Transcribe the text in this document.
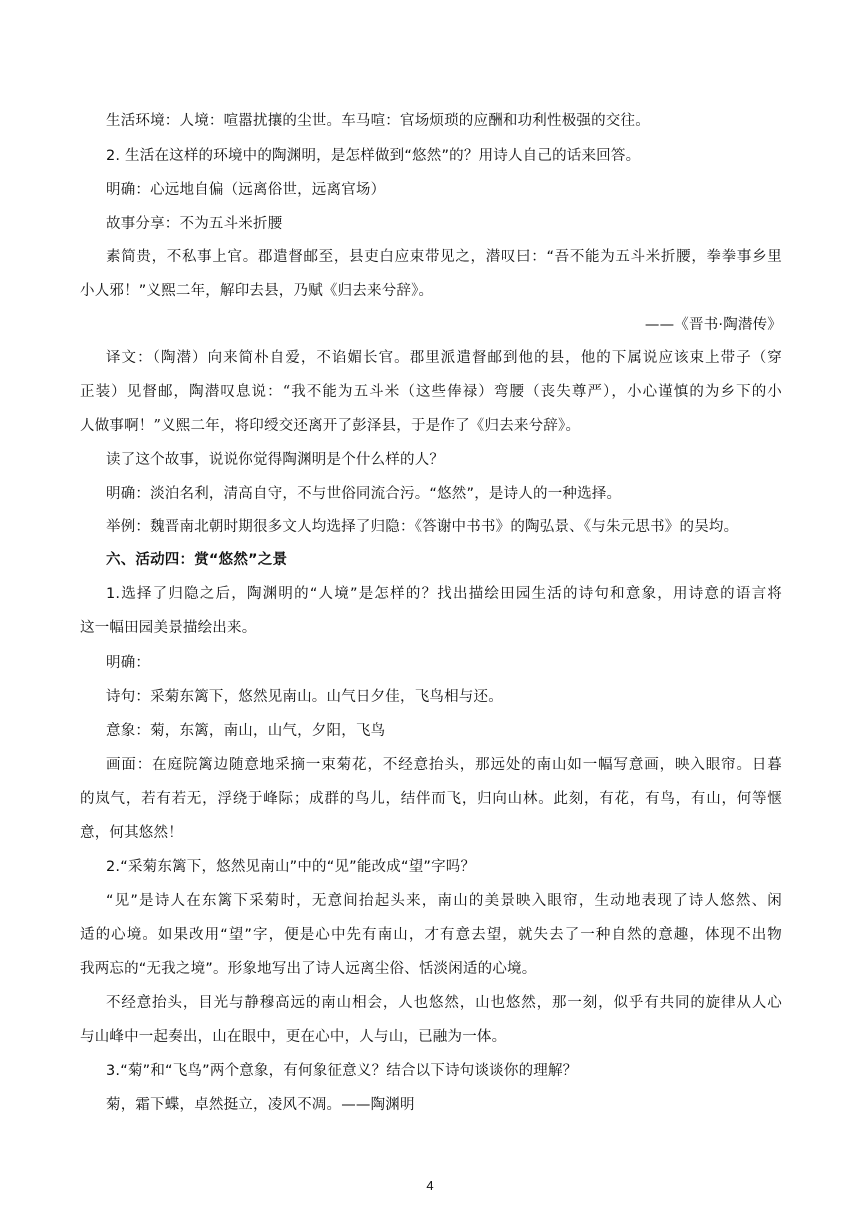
生活环境：人境：喧嚣扰攘的尘世。车马喧：官场烦琐的应酬和功利性极强的交往。
2. 生活在这样的环境中的陶渊明，是怎样做到“悠然”的？用诗人自己的话来回答。
明确：心远地自偏（远离俗世，远离官场）
故事分享：不为五斗米折腰
素简贵，不私事上官。郡遣督邮至，县吏白应束带见之，潜叹曰：“吾不能为五斗米折腰，拳拳事乡里
小人邪！”义熙二年，解印去县，乃赋《归去来兮辞》。
——《晋书·陶潜传》
译文：（陶潜）向来简朴自爱，不谄媚长官。郡里派遣督邮到他的县，他的下属说应该束上带子（穿
正装）见督邮，陶潜叹息说：“我不能为五斗米（这些俸禄）弯腰（丧失尊严），小心谨慎的为乡下的小
人做事啊！”义熙二年，将印绶交还离开了彭泽县，于是作了《归去来兮辞》。
读了这个故事，说说你觉得陶渊明是个什么样的人？
明确：淡泊名利，清高自守，不与世俗同流合污。“悠然”，是诗人的一种选择。
举例：魏晋南北朝时期很多文人均选择了归隐：《答谢中书书》的陶弘景、《与朱元思书》的吴均。
六、活动四：赏“悠然”之景
1.选择了归隐之后，陶渊明的“人境”是怎样的？找出描绘田园生活的诗句和意象，用诗意的语言将
这一幅田园美景描绘出来。
明确：
诗句：采菊东篱下，悠然见南山。山气日夕佳，飞鸟相与还。
意象：菊，东篱，南山，山气，夕阳，飞鸟
画面：在庭院篱边随意地采摘一束菊花，不经意抬头，那远处的南山如一幅写意画，映入眼帘。日暮
的岚气，若有若无，浮绕于峰际；成群的鸟儿，结伴而飞，归向山林。此刻，有花，有鸟，有山，何等惬
意，何其悠然！
2.“采菊东篱下，悠然见南山”中的“见”能改成“望”字吗？
“见”是诗人在东篱下采菊时，无意间抬起头来，南山的美景映入眼帘，生动地表现了诗人悠然、闲
适的心境。如果改用“望”字，便是心中先有南山，才有意去望，就失去了一种自然的意趣，体现不出物
我两忘的“无我之境”。形象地写出了诗人远离尘俗、恬淡闲适的心境。
不经意抬头，目光与静穆高远的南山相会，人也悠然，山也悠然，那一刻，似乎有共同的旋律从人心
与山峰中一起奏出，山在眼中，更在心中，人与山，已融为一体。
3.“菊”和“飞鸟”两个意象，有何象征意义？结合以下诗句谈谈你的理解？
菊，霜下蝶，卓然挺立，凌风不凋。——陶渊明
4
